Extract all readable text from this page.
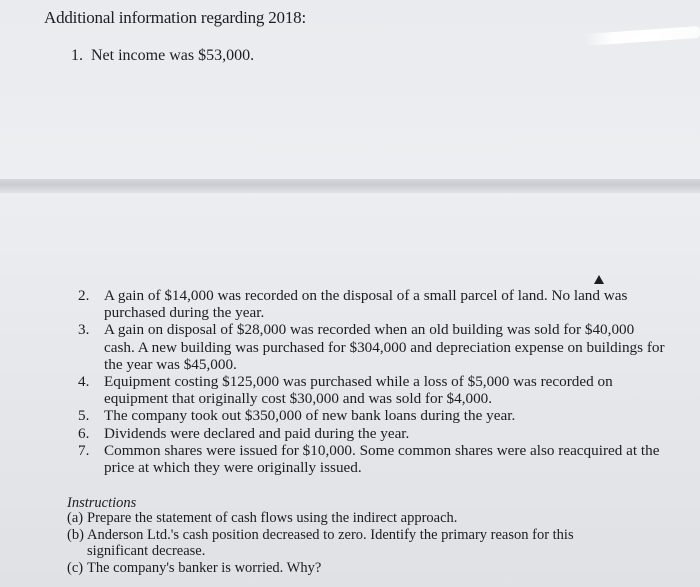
Additional information regarding 2018:
1. Net income was $53,000.
2. A gain of $14,000 was recorded on the disposal of a small parcel of land. No land was purchased during the year.
3. A gain on disposal of $28,000 was recorded when an old building was sold for $40,000 cash. A new building was purchased for $304,000 and depreciation expense on buildings for the year was $45,000.
4. Equipment costing $125,000 was purchased while a loss of $5,000 was recorded on equipment that originally cost $30,000 and was sold for $4,000.
5. The company took out $350,000 of new bank loans during the year.
6. Dividends were declared and paid during the year.
7. Common shares were issued for $10,000. Some common shares were also reacquired at the price at which they were originally issued.
Instructions
(a) Prepare the statement of cash flows using the indirect approach.
(b) Anderson Ltd.'s cash position decreased to zero. Identify the primary reason for this significant decrease.
(c) The company's banker is worried. Why?
